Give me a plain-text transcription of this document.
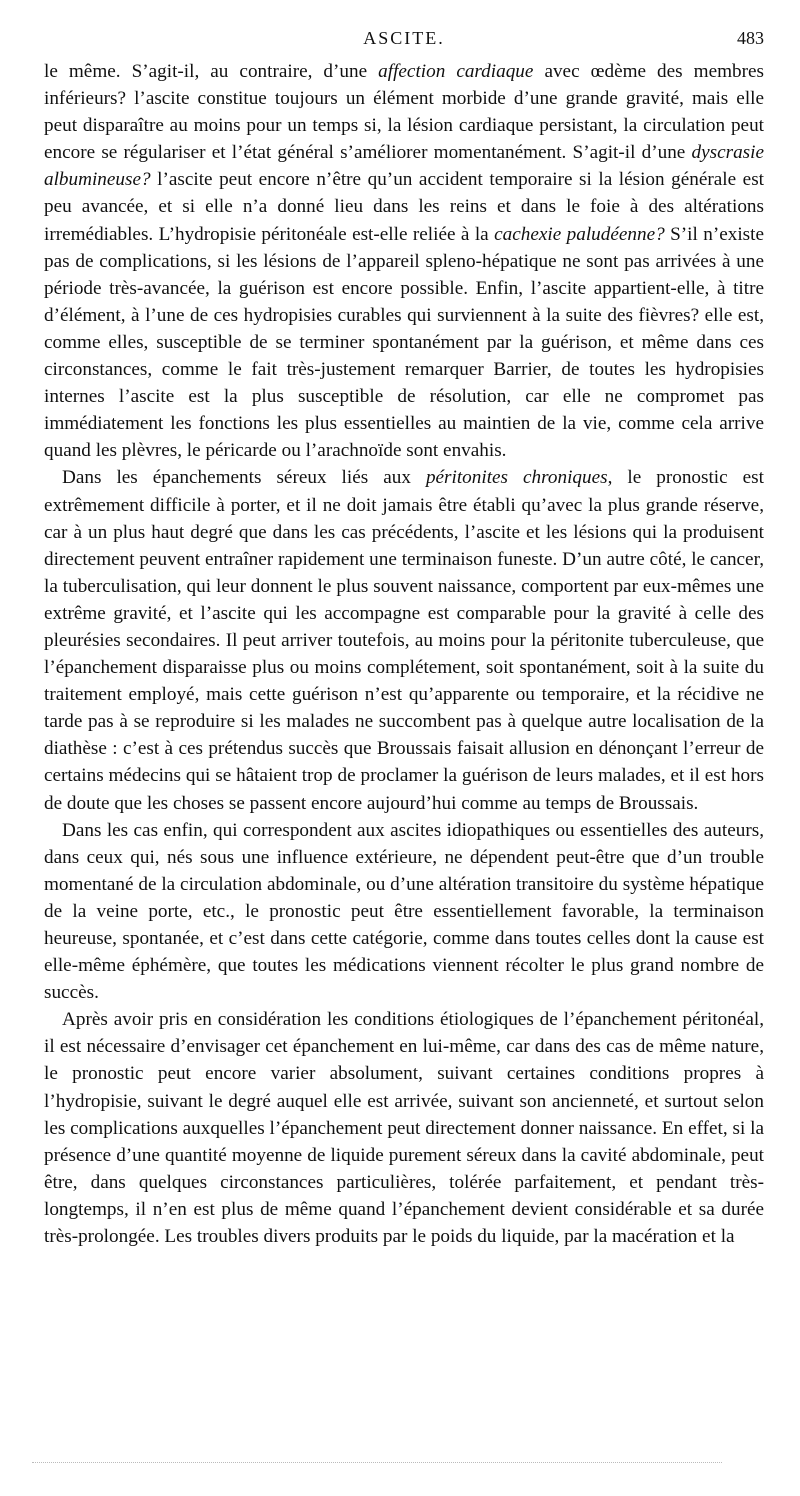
ASCITE.	483

le même. S’agit-il, au contraire, d’une affection cardiaque avec œdème des membres inférieurs? l’ascite constitue toujours un élément morbide d’une grande gravité, mais elle peut disparaître au moins pour un temps si, la lésion cardiaque persistant, la circulation peut encore se régulariser et l’état général s’améliorer momentanément. S’agit-il d’une dyscrasie albumineuse? l’ascite peut encore n’être qu’un accident temporaire si la lésion générale est peu avancée, et si elle n’a donné lieu dans les reins et dans le foie à des altérations irremédiables. L’hydropisie péritonéale est-elle reliée à la cachexie paludéenne? S’il n’existe pas de complications, si les lésions de l’appareil spleno-hépatique ne sont pas arrivées à une période très-avancée, la guérison est encore possible. Enfin, l’ascite appartient-elle, à titre d’élément, à l’une de ces hydropisies curables qui surviennent à la suite des fièvres? elle est, comme elles, susceptible de se terminer spontanément par la guérison, et même dans ces circonstances, comme le fait très-justement remarquer Barrier, de toutes les hydropisies internes l’ascite est la plus susceptible de résolution, car elle ne compromet pas immédiatement les fonctions les plus essentielles au maintien de la vie, comme cela arrive quand les plèvres, le péricarde ou l’arachnoïde sont envahis.

Dans les épanchements séreux liés aux péritonites chroniques, le pronostic est extrêmement difficile à porter, et il ne doit jamais être établi qu’avec la plus grande réserve, car à un plus haut degré que dans les cas précédents, l’ascite et les lésions qui la produisent directement peuvent entraîner rapidement une terminaison funeste. D’un autre côté, le cancer, la tuberculisation, qui leur donnent le plus souvent naissance, comportent par eux-mêmes une extrême gravité, et l’ascite qui les accompagne est comparable pour la gravité à celle des pleurésies secondaires. Il peut arriver toutefois, au moins pour la péritonite tuberculeuse, que l’épanchement disparaisse plus ou moins complétement, soit spontanément, soit à la suite du traitement employé, mais cette guérison n’est qu’apparente ou temporaire, et la récidive ne tarde pas à se reproduire si les malades ne succombent pas à quelque autre localisation de la diathèse : c’est à ces prétendus succès que Broussais faisait allusion en dénonçant l’erreur de certains médecins qui se hâtaient trop de proclamer la guérison de leurs malades, et il est hors de doute que les choses se passent encore aujourd’hui comme au temps de Broussais.

Dans les cas enfin, qui correspondent aux ascites idiopathiques ou essentielles des auteurs, dans ceux qui, nés sous une influence extérieure, ne dépendent peut-être que d’un trouble momentané de la circulation abdominale, ou d’une altération transitoire du système hépatique de la veine porte, etc., le pronostic peut être essentiellement favorable, la terminaison heureuse, spontanée, et c’est dans cette catégorie, comme dans toutes celles dont la cause est elle-même éphémère, que toutes les médications viennent récolter le plus grand nombre de succès.

Après avoir pris en considération les conditions étiologiques de l’épanchement péritonéal, il est nécessaire d’envisager cet épanchement en lui-même, car dans des cas de même nature, le pronostic peut encore varier absolument, suivant certaines conditions propres à l’hydropisie, suivant le degré auquel elle est arrivée, suivant son ancienneté, et surtout selon les complications auxquelles l’épanchement peut directement donner naissance. En effet, si la présence d’une quantité moyenne de liquide purement séreux dans la cavité abdominale, peut être, dans quelques circonstances particulières, tolérée parfaitement, et pendant très-longtemps, il n’en est plus de même quand l’épanchement devient considérable et sa durée très-prolongée. Les troubles divers produits par le poids du liquide, par la macération et la
